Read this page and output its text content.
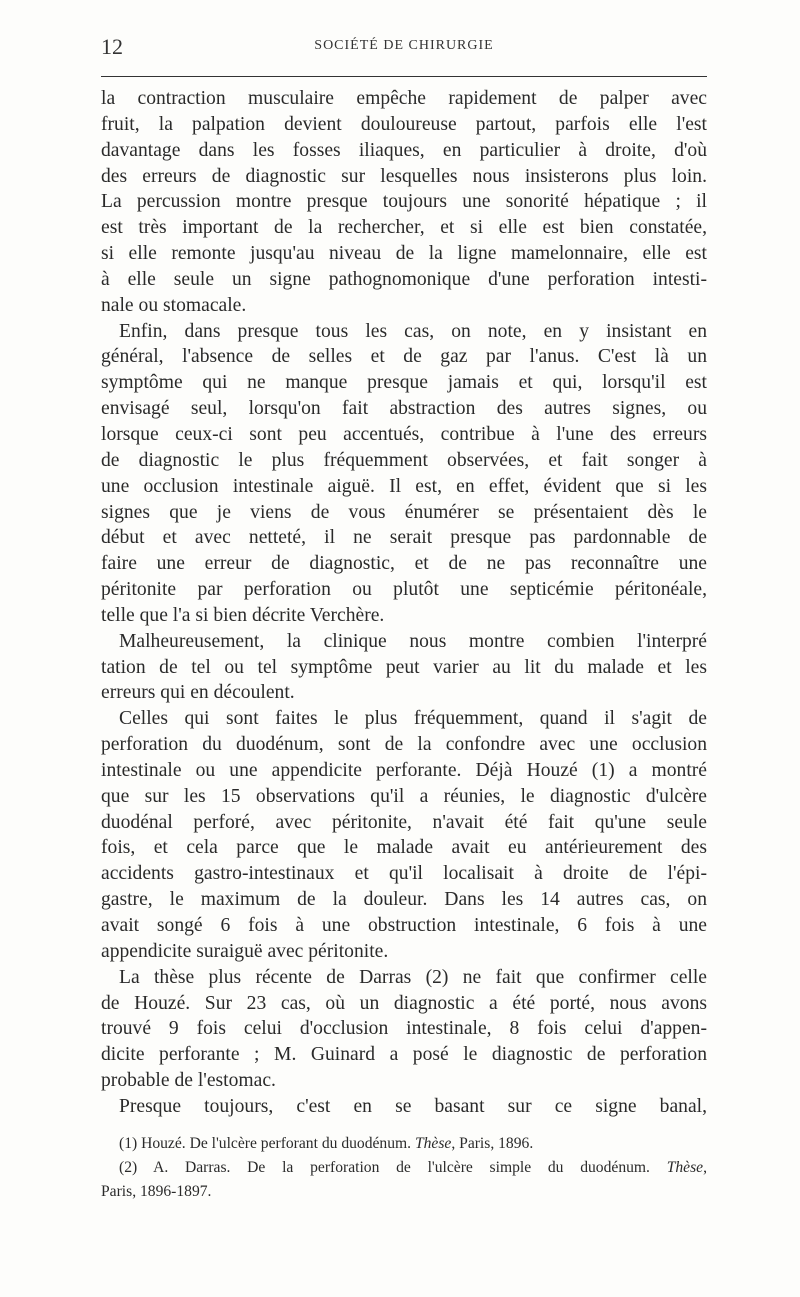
12	SOCIÉTÉ DE CHIRURGIE
la contraction musculaire empêche rapidement de palper avec
fruit, la palpation devient douloureuse partout, parfois elle l'est
davantage dans les fosses iliaques, en particulier à droite, d'où
des erreurs de diagnostic sur lesquelles nous insisterons plus loin.
La percussion montre presque toujours une sonorité hépatique ; il
est très important de la rechercher, et si elle est bien constatée,
si elle remonte jusqu'au niveau de la ligne mamelonnaire, elle est
à elle seule un signe pathognomonique d'une perforation intesti-
nale ou stomacale.
Enfin, dans presque tous les cas, on note, en y insistant en
général, l'absence de selles et de gaz par l'anus. C'est là un
symptôme qui ne manque presque jamais et qui, lorsqu'il est
envisagé seul, lorsqu'on fait abstraction des autres signes, ou
lorsque ceux-ci sont peu accentués, contribue à l'une des erreurs
de diagnostic le plus fréquemment observées, et fait songer à
une occlusion intestinale aiguë. Il est, en effet, évident que si les
signes que je viens de vous énumérer se présentaient dès le
début et avec netteté, il ne serait presque pas pardonnable de
faire une erreur de diagnostic, et de ne pas reconnaître une
péritonite par perforation ou plutôt une septicémie péritonéale,
telle que l'a si bien décrite Verchère.
Malheureusement, la clinique nous montre combien l'interpré
tation de tel ou tel symptôme peut varier au lit du malade et les
erreurs qui en découlent.
Celles qui sont faites le plus fréquemment, quand il s'agit de
perforation du duodénum, sont de la confondre avec une occlusion
intestinale ou une appendicite perforante. Déjà Houzé (1) a montré
que sur les 15 observations qu'il a réunies, le diagnostic d'ulcère
duodénal perforé, avec péritonite, n'avait été fait qu'une seule
fois, et cela parce que le malade avait eu antérieurement des
accidents gastro-intestinaux et qu'il localisait à droite de l'épi-
gastre, le maximum de la douleur. Dans les 14 autres cas, on
avait songé 6 fois à une obstruction intestinale, 6 fois à une
appendicite suraiguë avec péritonite.
La thèse plus récente de Darras (2) ne fait que confirmer celle
de Houzé. Sur 23 cas, où un diagnostic a été porté, nous avons
trouvé 9 fois celui d'occlusion intestinale, 8 fois celui d'appen-
dicite perforante ; M. Guinard a posé le diagnostic de perforation
probable de l'estomac.
Presque toujours, c'est en se basant sur ce signe banal,
(1) Houzé. De l'ulcère perforant du duodénum. Thèse, Paris, 1896.
(2) A. Darras. De la perforation de l'ulcère simple du duodénum. Thèse,
Paris, 1896-1897.
